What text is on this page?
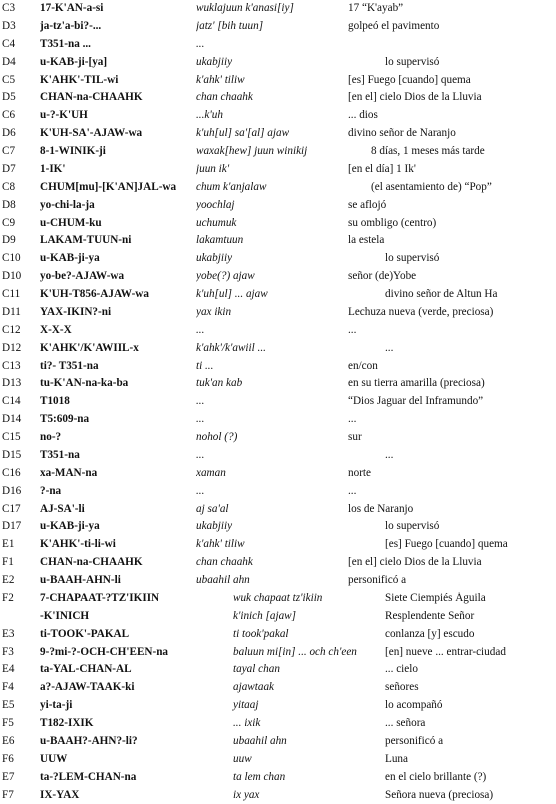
C3	17-K'AN-a-si	wuklajuun k'anasi[iy]	17 “K'ayab”
D3	ja-tz'a-bi?-...	jatz' [bih tuun]	golpeó el pavimento
C4	T351-na ...	...
D4	u-KAB-ji-[ya]	ukabjiiy	lo supervisó
C5	K'AHK'-TIL-wi	k'ahk' tiliw	[es] Fuego [cuando] quema
D5	CHAN-na-CHAAHK	chan chaahk	[en el] cielo Dios de la Lluvia
C6	u-?-K'UH	...k'uh	... dios
D6	K'UH-SA'-AJAW-wa	k'uh[ul] sa'[al] ajaw	divino señor de Naranjo
C7	8-1-WINIK-ji	waxak[hew] juun winikij	8 días, 1 meses más tarde
D7	1-IK'	juun ik'	[en el día] 1 Ik'
C8	CHUM[mu]-[K'AN]JAL-wa	chum k'anjalaw	(el asentamiento de) “Pop”
D8	yo-chi-la-ja	yoochlaj	se aflojó
C9	u-CHUM-ku	uchumuk	su ombligo (centro)
D9	LAKAM-TUUN-ni	lakamtuun	la estela
C10	u-KAB-ji-ya	ukabjiiy	lo supervisó
D10	yo-be?-AJAW-wa	yobe(?) ajaw	señor (de)Yobe
C11	K'UH-T856-AJAW-wa	k'uh[ul] ... ajaw	divino señor de Altun Ha
D11	YAX-IKIN?-ni	yax ikin	Lechuza nueva (verde, preciosa)
C12	X-X-X	...	...
D12	K'AHK'/K'AWIIL-x	k'ahk'/k'awiil ...	...
C13	ti?- T351-na	ti ...	en/con
D13	tu-K'AN-na-ka-ba	tuk'an kab	en su tierra amarilla (preciosa)
C14	T1018	...	“Dios Jaguar del Inframundo”
D14	T5:609-na	...	...
C15	no-?	nohol (?)	sur
D15	T351-na	...	...
C16	xa-MAN-na	xaman	norte
D16	?-na	...	...
C17	AJ-SA'-li	aj sa'al	los de Naranjo
D17	u-KAB-ji-ya	ukabjiiy	lo supervisó
E1	K'AHK'-ti-li-wi	k'ahk' tiliw	[es] Fuego [cuando] quema
F1	CHAN-na-CHAAHK	chan chaahk	[en el] cielo Dios de la Lluvia
E2	u-BAAH-AHN-li	ubaahil ahn	personificó a
F2	7-CHAPAAT-?TZ'IKIIN	wuk chapaat tz'ikiin	Siete Ciempiés Águila
-K'INICH	k'inich [ajaw]	Resplendente Señor
E3	ti-TOOK'-PAKAL	ti took'pakal	conlanza [y] escudo
F3	9-?mi-?-OCH-CH'EEN-na	baluun mi[in] ... och ch'een	[en] nueve ... entrar-ciudad
E4	ta-YAL-CHAN-AL	tayal chan	... cielo
F4	a?-AJAW-TAAK-ki	ajawtaak	señores
E5	yi-ta-ji	yitaaj	lo acompañó
F5	T182-IXIK	... ixik	... señora
E6	u-BAAH?-AHN?-li?	ubaahil ahn	personificó a
F6	UUW	uuw	Luna
E7	ta-?LEM-CHAN-na	ta lem chan	en el cielo brillante (?)
F7	IX-YAX	ix yax	Señora nueva (preciosa)
